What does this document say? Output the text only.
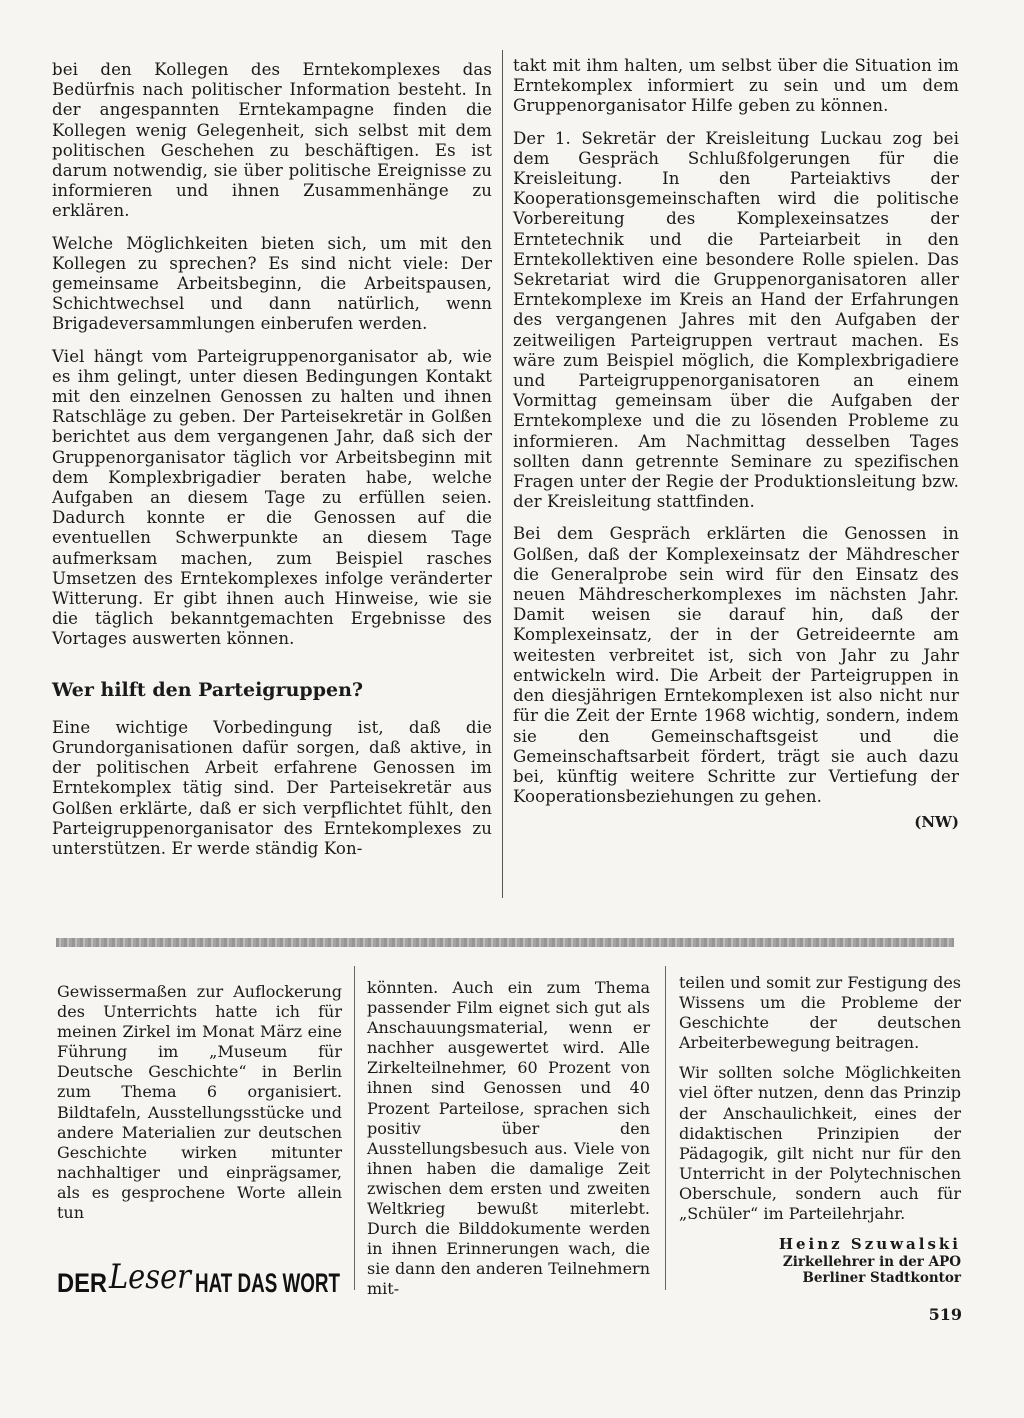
bei den Kollegen des Erntekomplexes das Bedürfnis nach politischer Information besteht. In der angespannten Erntekampagne finden die Kollegen wenig Gelegenheit, sich selbst mit dem politischen Geschehen zu beschäftigen. Es ist darum notwendig, sie über politische Ereignisse zu informieren und ihnen Zusammenhänge zu erklären.

Welche Möglichkeiten bieten sich, um mit den Kollegen zu sprechen? Es sind nicht viele: Der gemeinsame Arbeitsbeginn, die Arbeitspausen, Schichtwechsel und dann natürlich, wenn Brigadeversammlungen einberufen werden.

Viel hängt vom Parteigruppenorganisator ab, wie es ihm gelingt, unter diesen Bedingungen Kontakt mit den einzelnen Genossen zu halten und ihnen Ratschläge zu geben. Der Parteisekretär in Golßen berichtet aus dem vergangenen Jahr, daß sich der Gruppenorganisator täglich vor Arbeitsbeginn mit dem Komplexbrigadier beraten habe, welche Aufgaben an diesem Tage zu erfüllen seien. Dadurch konnte er die Genossen auf die eventuellen Schwerpunkte an diesem Tage aufmerksam machen, zum Beispiel rasches Umsetzen des Erntekomplexes infolge veränderter Witterung. Er gibt ihnen auch Hinweise, wie sie die täglich bekanntgemachten Ergebnisse des Vortages auswerten können.

Wer hilft den Parteigruppen?

Eine wichtige Vorbedingung ist, daß die Grundorganisationen dafür sorgen, daß aktive, in der politischen Arbeit erfahrene Genossen im Erntekomplex tätig sind. Der Parteisekretär aus Golßen erklärte, daß er sich verpflichtet fühlt, den Parteigruppenorganisator des Erntekomplexes zu unterstützen. Er werde ständig Kon-

takt mit ihm halten, um selbst über die Situation im Erntekomplex informiert zu sein und um dem Gruppenorganisator Hilfe geben zu können.

Der 1. Sekretär der Kreisleitung Luckau zog bei dem Gespräch Schlußfolgerungen für die Kreisleitung. In den Parteiaktivs der Kooperationsgemeinschaften wird die politische Vorbereitung des Komplexeinsatzes der Erntetechnik und die Parteiarbeit in den Erntekollektiven eine besondere Rolle spielen. Das Sekretariat wird die Gruppenorganisatoren aller Erntekomplexe im Kreis an Hand der Erfahrungen des vergangenen Jahres mit den Aufgaben der zeitweiligen Parteigruppen vertraut machen. Es wäre zum Beispiel möglich, die Komplexbrigadiere und Parteigruppenorganisatoren an einem Vormittag gemeinsam über die Aufgaben der Erntekomplexe und die zu lösenden Probleme zu informieren. Am Nachmittag desselben Tages sollten dann getrennte Seminare zu spezifischen Fragen unter der Regie der Produktionsleitung bzw. der Kreisleitung stattfinden.

Bei dem Gespräch erklärten die Genossen in Golßen, daß der Komplexeinsatz der Mähdrescher die Generalprobe sein wird für den Einsatz des neuen Mähdrescherkomplexes im nächsten Jahr. Damit weisen sie darauf hin, daß der Komplexeinsatz, der in der Getreideernte am weitesten verbreitet ist, sich von Jahr zu Jahr entwickeln wird. Die Arbeit der Parteigruppen in den diesjährigen Erntekomplexen ist also nicht nur für die Zeit der Ernte 1968 wichtig, sondern, indem sie den Gemeinschaftsgeist und die Gemeinschaftsarbeit fördert, trägt sie auch dazu bei, künftig weitere Schritte zur Vertiefung der Kooperationsbeziehungen zu gehen.

(NW)

Gewissermaßen zur Auflockerung des Unterrichts hatte ich für meinen Zirkel im Monat März eine Führung im „Museum für Deutsche Geschichte“ in Berlin zum Thema 6 organisiert. Bildtafeln, Ausstellungsstücke und andere Materialien zur deutschen Geschichte wirken mitunter nachhaltiger und einprägsamer, als es gesprochene Worte allein tun

könnten. Auch ein zum Thema passender Film eignet sich gut als Anschauungsmaterial, wenn er nachher ausgewertet wird. Alle Zirkelteilnehmer, 60 Prozent von ihnen sind Genossen und 40 Prozent Parteilose, sprachen sich positiv über den Ausstellungsbesuch aus. Viele von ihnen haben die damalige Zeit zwischen dem ersten und zweiten Weltkrieg bewußt miterlebt. Durch die Bilddokumente werden in ihnen Erinnerungen wach, die sie dann den anderen Teilnehmern mit-

teilen und somit zur Festigung des Wissens um die Probleme der Geschichte der deutschen Arbeiterbewegung beitragen.

Wir sollten solche Möglichkeiten viel öfter nutzen, denn das Prinzip der Anschaulichkeit, eines der didaktischen Prinzipien der Pädagogik, gilt nicht nur für den Unterricht in der Polytechnischen Oberschule, sondern auch für „Schüler“ im Parteilehrjahr.

Heinz Szuwalski

Zirkellehrer in der APO

Berliner Stadtkontor

DER Leser HAT DAS WORT
519
